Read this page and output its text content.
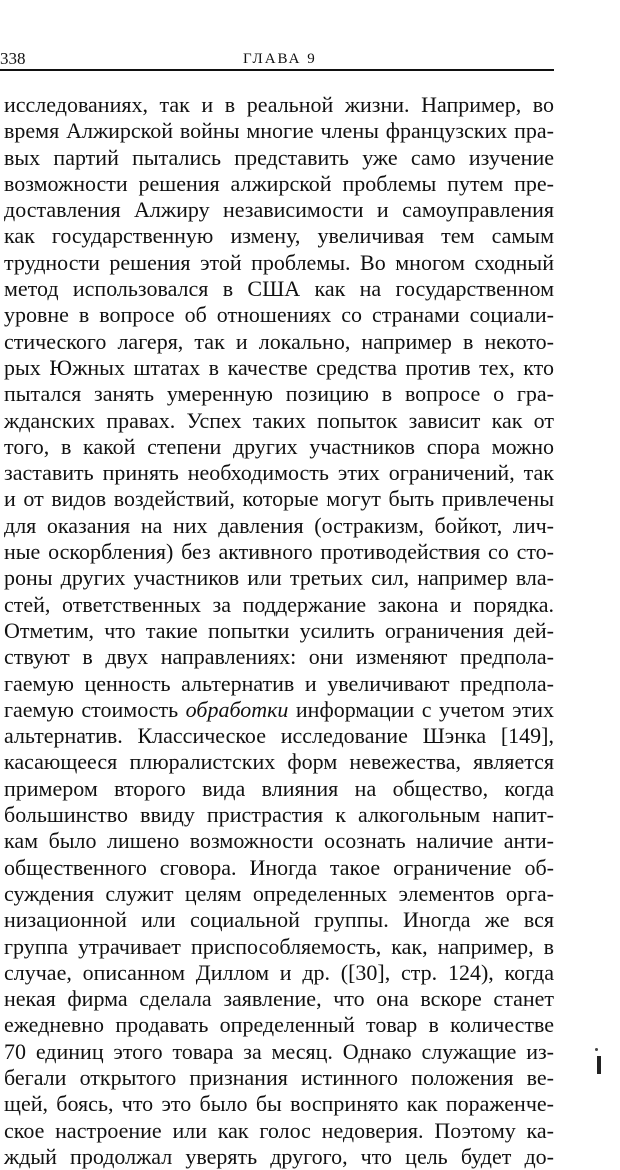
338	ГЛАВА 9
исследованиях, так и в реальной жизни. Например, во
время Алжирской войны многие члены французских пра-
вых партий пытались представить уже само изучение
возможности решения алжирской проблемы путем пре-
доставления Алжиру независимости и самоуправления
как государственную измену, увеличивая тем самым
трудности решения этой проблемы. Во многом сходный
метод использовался в США как на государственном
уровне в вопросе об отношениях со странами социали-
стического лагеря, так и локально, например в некото-
рых Южных штатах в качестве средства против тех, кто
пытался занять умеренную позицию в вопросе о гра-
жданских правах. Успех таких попыток зависит как от
того, в какой степени других участников спора можно
заставить принять необходимость этих ограничений, так
и от видов воздействий, которые могут быть привлечены
для оказания на них давления (остракизм, бойкот, лич-
ные оскорбления) без активного противодействия со сто-
роны других участников или третьих сил, например вла-
стей, ответственных за поддержание закона и порядка.
Отметим, что такие попытки усилить ограничения дей-
ствуют в двух направлениях: они изменяют предпола-
гаемую ценность альтернатив и увеличивают предпола-
гаемую стоимость обработки информации с учетом этих
альтернатив. Классическое исследование Шэнка [149],
касающееся плюралистских форм невежества, является
примером второго вида влияния на общество, когда
большинство ввиду пристрастия к алкогольным напит-
кам было лишено возможности осознать наличие анти-
общественного сговора. Иногда такое ограничение об-
суждения служит целям определенных элементов орга-
низационной или социальной группы. Иногда же вся
группа утрачивает приспособляемость, как, например, в
случае, описанном Диллом и др. ([30], стр. 124), когда
некая фирма сделала заявление, что она вскоре станет
ежедневно продавать определенный товар в количестве
70 единиц этого товара за месяц. Однако служащие из-
бегали открытого признания истинного положения ве-
щей, боясь, что это было бы воспринято как пораженче-
ское настроение или как голос недоверия. Поэтому ка-
ждый продолжал уверять другого, что цель будет до-
